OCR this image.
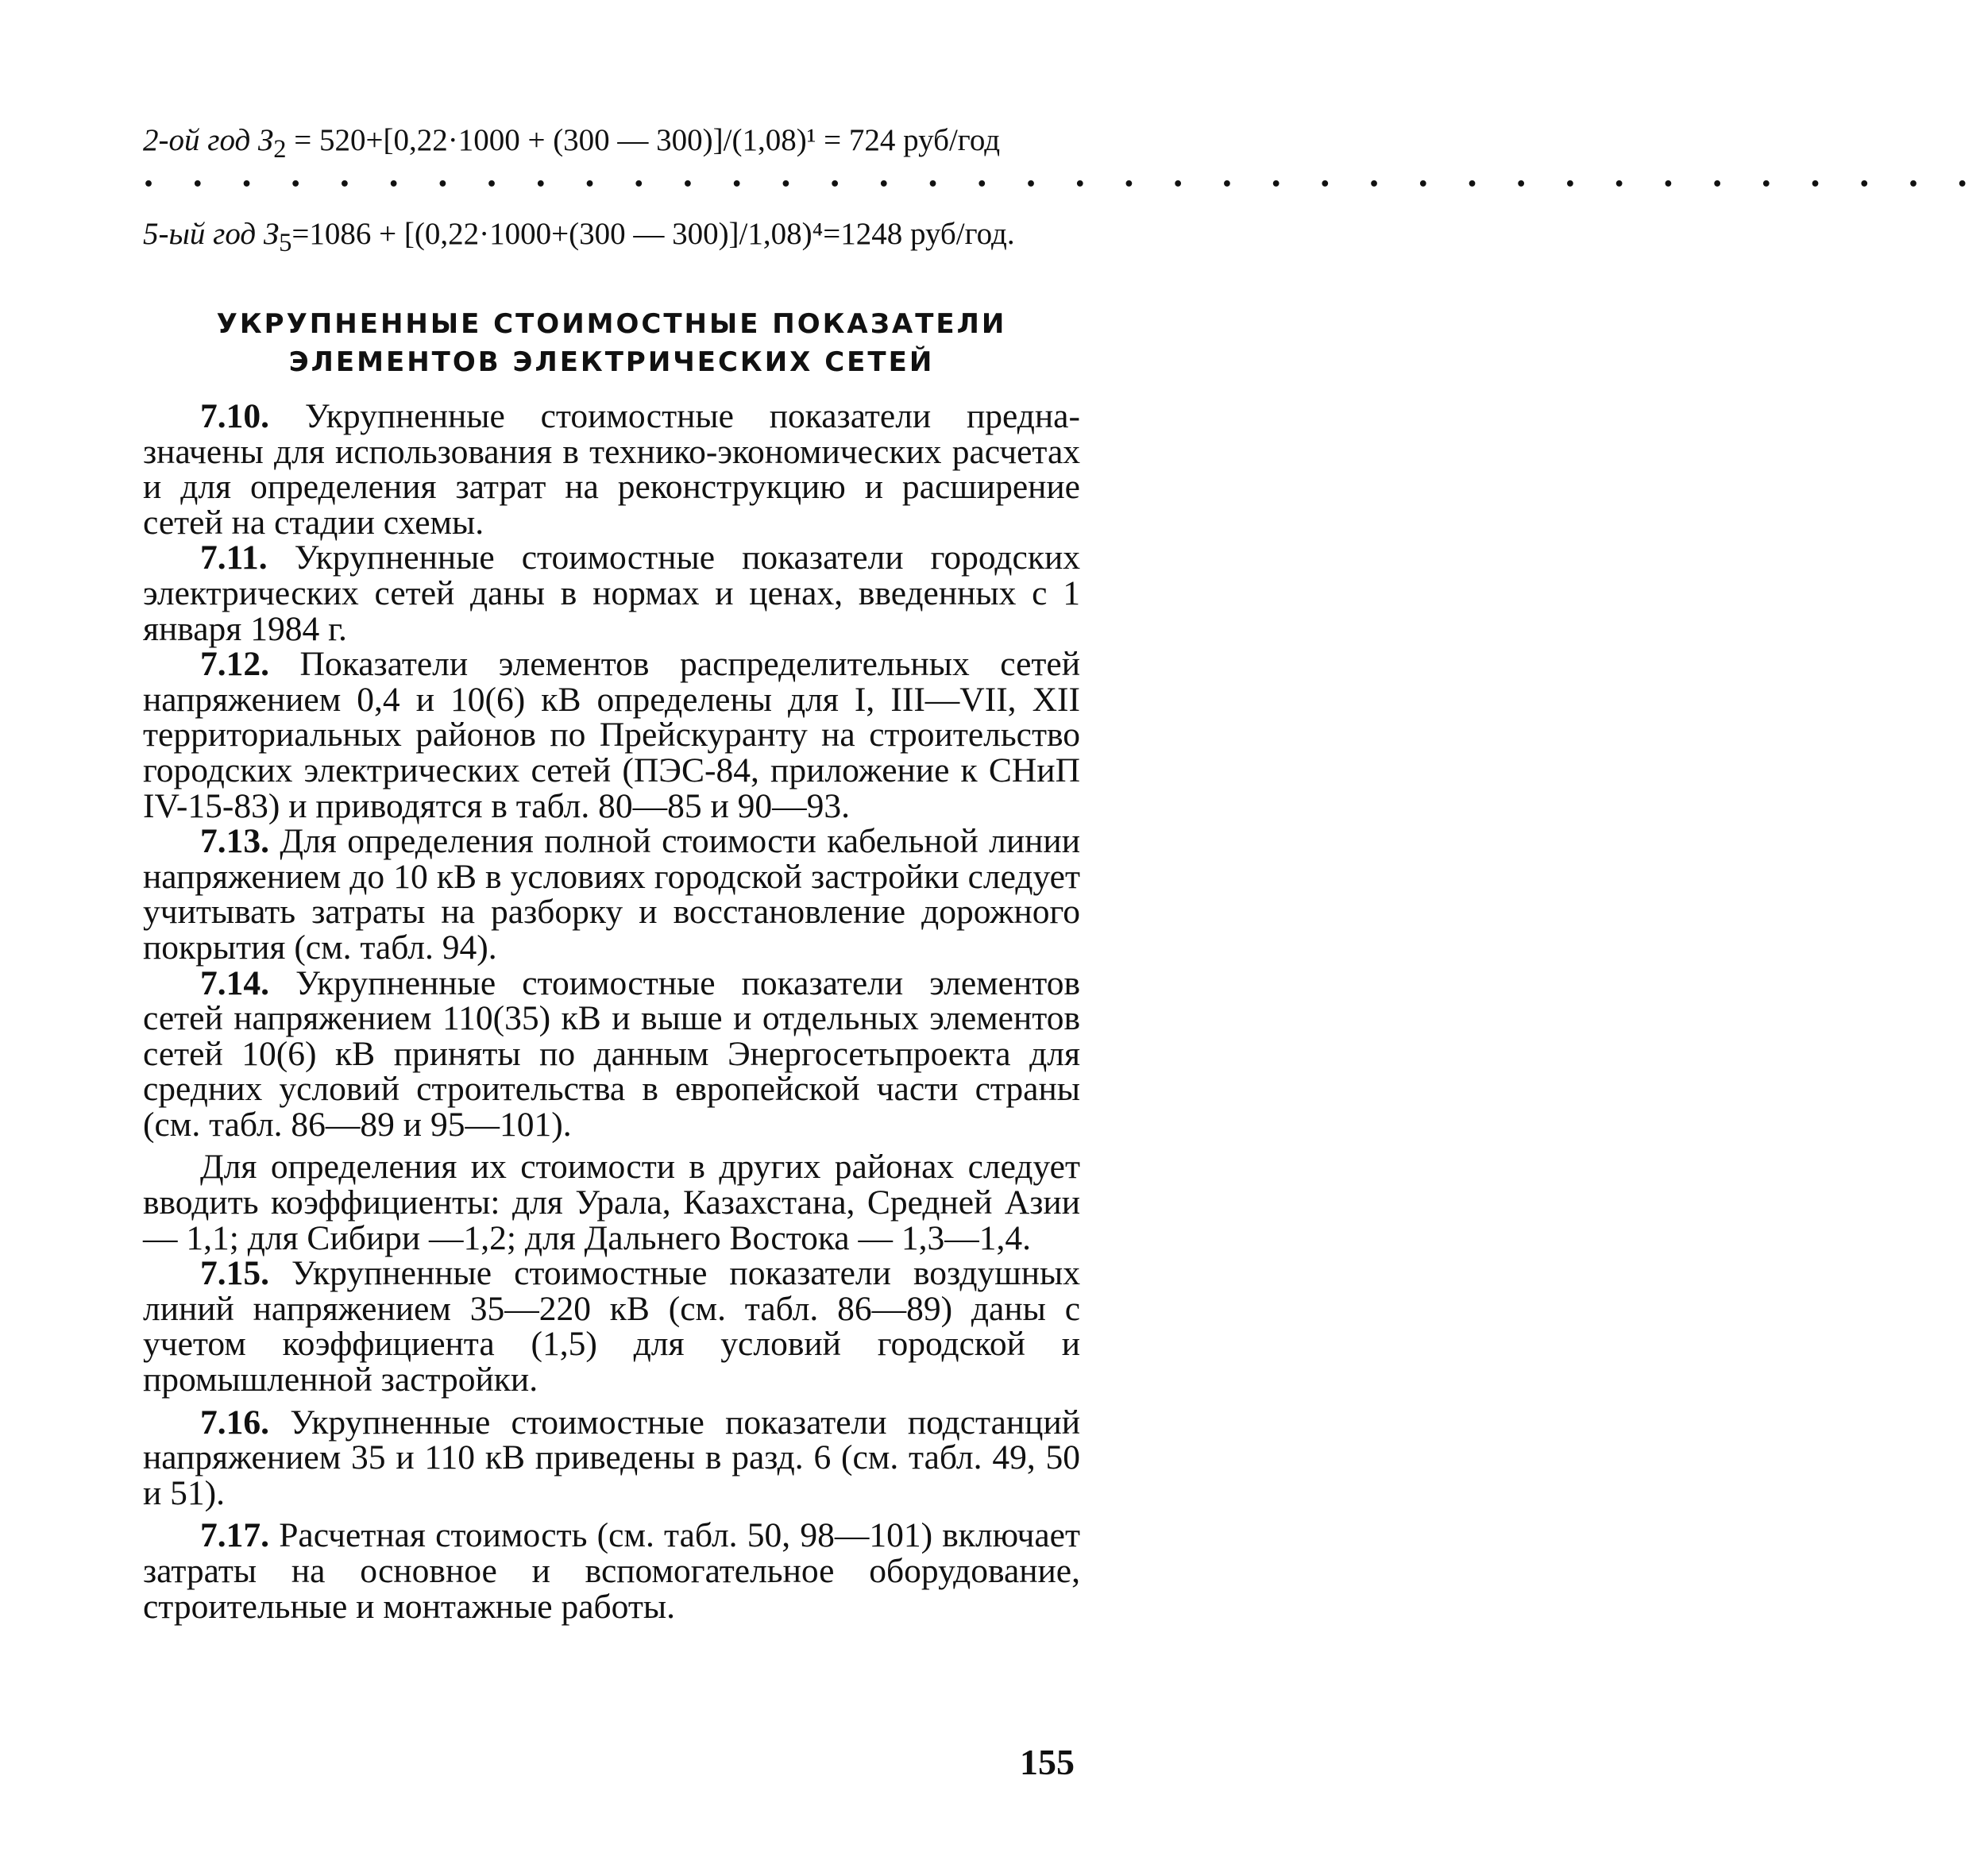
2-ой год $З_2 = 520+[0,22\cdot 1000 + (300$ — 300)]/(1,08)¹ = 724 руб/год
• • • • • • • • • • • • • • • • • • • • • • • • • • • • • • • • • • • • • •
5-ый год $З_5=1086 + [(0,22\cdot 1000+(300$ — 300)]/1,08)⁴=1248 руб/год.
УКРУПНЕННЫЕ СТОИМОСТНЫЕ ПОКАЗАТЕЛИ
ЭЛЕМЕНТОВ ЭЛЕКТРИЧЕСКИХ СЕТЕЙ

7.10. Укрупненные стоимостные показатели предназначены для использования в технико-экономических расчетах и для определения затрат на реконструкцию и расширение сетей на стадии схемы.

7.11. Укрупненные стоимостные показатели городских электрических сетей даны в нормах и ценах, введенных с 1 января 1984 г.

7.12. Показатели элементов распределительных сетей напряжением 0,4 и 10(6) кВ определены для I, III—VII, XII территориальных районов по Прейскуранту на строительство городских электрических сетей (ПЭС-84, приложение к СНиП IV-15-83) и приводятся в табл. 80—85 и 90—93.

7.13. Для определения полной стоимости кабельной линии напряжением до 10 кВ в условиях городской застройки следует учитывать затраты на разборку и восстановление дорожного покрытия (см. табл. 94).

7.14. Укрупненные стоимостные показатели элементов сетей напряжением 110(35) кВ и выше и отдельных элементов сетей 10(6) кВ приняты по данным Энергосетьпроекта для средних условий строительства в европейской части страны (см. табл. 86—89 и 95—101).

Для определения их стоимости в других районах следует вводить коэффициенты: для Урала, Казахстана, Средней Азии — 1,1; для Сибири —1,2; для Дальнего Востока — 1,3—1,4.

7.15. Укрупненные стоимостные показатели воздушных линий напряжением 35—220 кВ (см. табл. 86—89) даны с учетом коэффициента (1,5) для условий городской и промышленной застройки.

7.16. Укрупненные стоимостные показатели подстанций напряжением 35 и 110 кВ приведены в разд. 6 (см. табл. 49, 50 и 51).

7.17. Расчетная стоимость (см. табл. 50, 98—101) включает затраты на основное и вспомогательное оборудование, строительные и монтажные работы.

155
